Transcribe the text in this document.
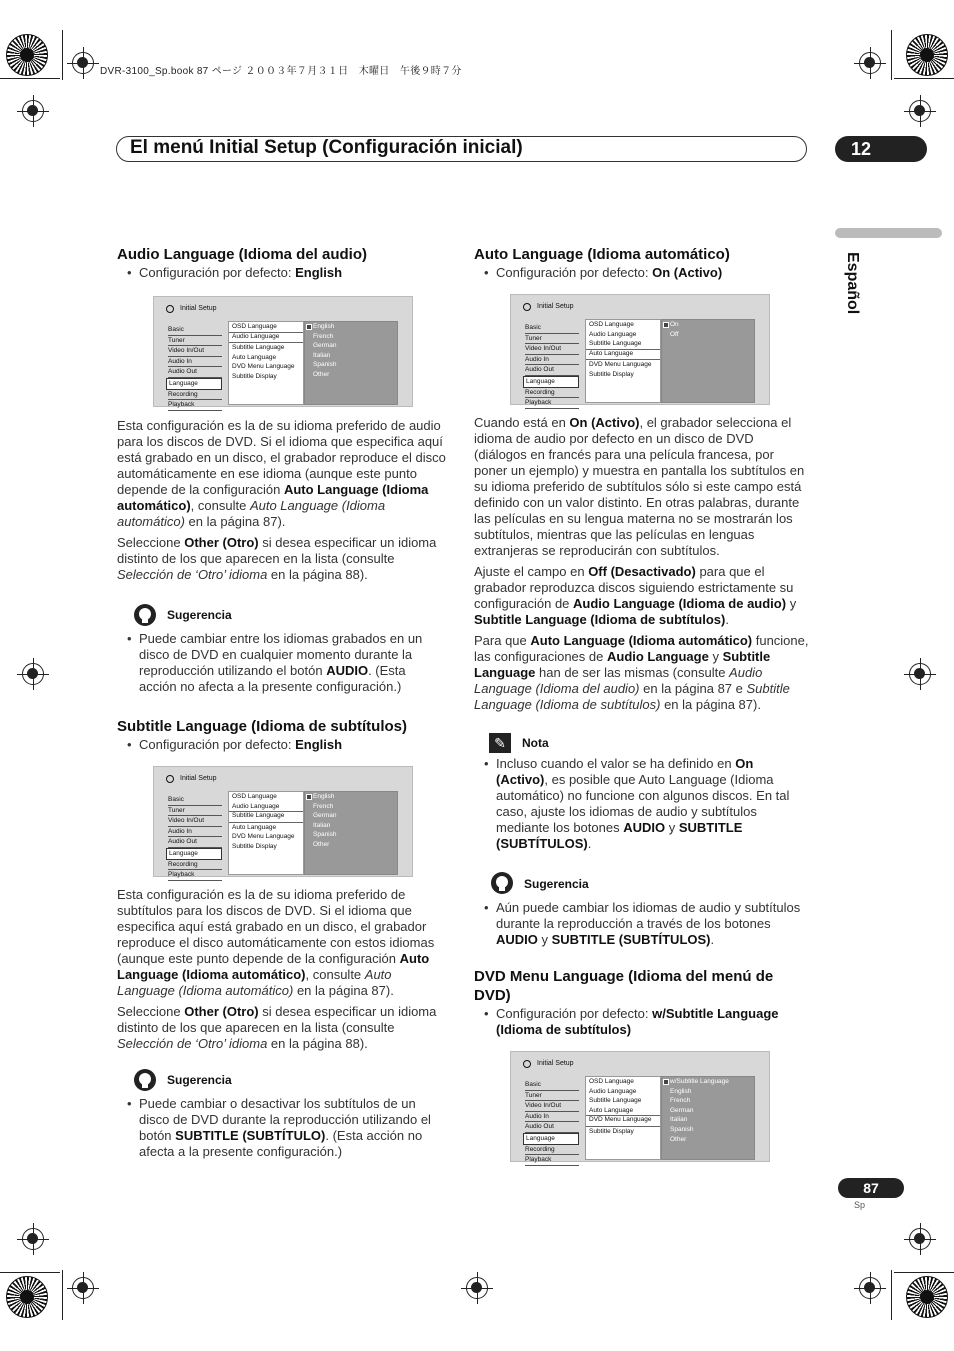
DVR-3100_Sp.book 87 ページ ２００３年７月３１日　木曜日　午後９時７分
El menú Initial Setup (Configuración inicial)	12
Español
Audio Language (Idioma del audio)
• Configuración por defecto: English
Initial Setup
Basic
Tuner
Video In/Out
Audio In
Audio Out
Language
Recording
Playback
OSD Language
Audio Language
Subtitle Language
Auto Language
DVD Menu Language
Subtitle Display
English
French
German
Italian
Spanish
Other

Esta configuración es la de su idioma preferido de audio para los discos de DVD. Si el idioma que especifica aquí está grabado en un disco, el grabador reproduce el disco automáticamente en ese idioma (aunque este punto depende de la configuración Auto Language (Idioma automático), consulte Auto Language (Idioma automático) en la página 87).

Seleccione Other (Otro) si desea especificar un idioma distinto de los que aparecen en la lista (consulte Selección de ‘Otro’ idioma en la página 88).

Sugerencia
• Puede cambiar entre los idiomas grabados en un disco de DVD en cualquier momento durante la reproducción utilizando el botón AUDIO. (Esta acción no afecta a la presente configuración.)
Subtitle Language (Idioma de subtítulos)
• Configuración por defecto: English
Initial Setup
Basic
Tuner
Video In/Out
Audio In
Audio Out
Language
Recording
Playback
OSD Language
Audio Language
Subtitle Language
Auto Language
DVD Menu Language
Subtitle Display
English
French
German
Italian
Spanish
Other

Esta configuración es la de su idioma preferido de subtítulos para los discos de DVD. Si el idioma que especifica aquí está grabado en un disco, el grabador reproduce el disco automáticamente con estos idiomas (aunque este punto depende de la configuración Auto Language (Idioma automático), consulte Auto Language (Idioma automático) en la página 87).

Seleccione Other (Otro) si desea especificar un idioma distinto de los que aparecen en la lista (consulte Selección de ‘Otro’ idioma en la página 88).

Sugerencia
• Puede cambiar o desactivar los subtítulos de un disco de DVD durante la reproducción utilizando el botón SUBTITLE (SUBTÍTULO). (Esta acción no afecta a la presente configuración.)
Auto Language (Idioma automático)
• Configuración por defecto: On (Activo)
Initial Setup
Basic
Tuner
Video In/Out
Audio In
Audio Out
Language
Recording
Playback
OSD Language
Audio Language
Subtitle Language
Auto Language
DVD Menu Language
Subtitle Display
On
Off

Cuando está en On (Activo), el grabador selecciona el idioma de audio por defecto en un disco de DVD (diálogos en francés para una película francesa, por poner un ejemplo) y muestra en pantalla los subtítulos en su idioma preferido de subtítulos sólo si este campo está definido con un valor distinto. En otras palabras, durante las películas en su lengua materna no se mostrarán los subtítulos, mientras que las películas en lenguas extranjeras se reproducirán con subtítulos.

Ajuste el campo en Off (Desactivado) para que el grabador reproduzca discos siguiendo estrictamente su configuración de Audio Language (Idioma de audio) y Subtitle Language (Idioma de subtítulos).

Para que Auto Language (Idioma automático) funcione, las configuraciones de Audio Language y Subtitle Language han de ser las mismas (consulte Audio Language (Idioma del audio) en la página 87 e Subtitle Language (Idioma de subtítulos) en la página 87).

✎	Nota
• Incluso cuando el valor se ha definido en On (Activo), es posible que Auto Language (Idioma automático) no funcione con algunos discos. En tal caso, ajuste los idiomas de audio y subtítulos mediante los botones AUDIO y SUBTITLE (SUBTÍTULOS).
Sugerencia
• Aún puede cambiar los idiomas de audio y subtítulos durante la reproducción a través de los botones AUDIO y SUBTITLE (SUBTÍTULOS).
DVD Menu Language (Idioma del menú de DVD)
• Configuración por defecto: w/Subtitle Language (Idioma de subtítulos)
Initial Setup
Basic
Tuner
Video In/Out
Audio In
Audio Out
Language
Recording
Playback
OSD Language
Audio Language
Subtitle Language
Auto Language
DVD Menu Language
Subtitle Display
w/Subtitle Language
English
French
German
Italian
Spanish
Other
87
Sp
